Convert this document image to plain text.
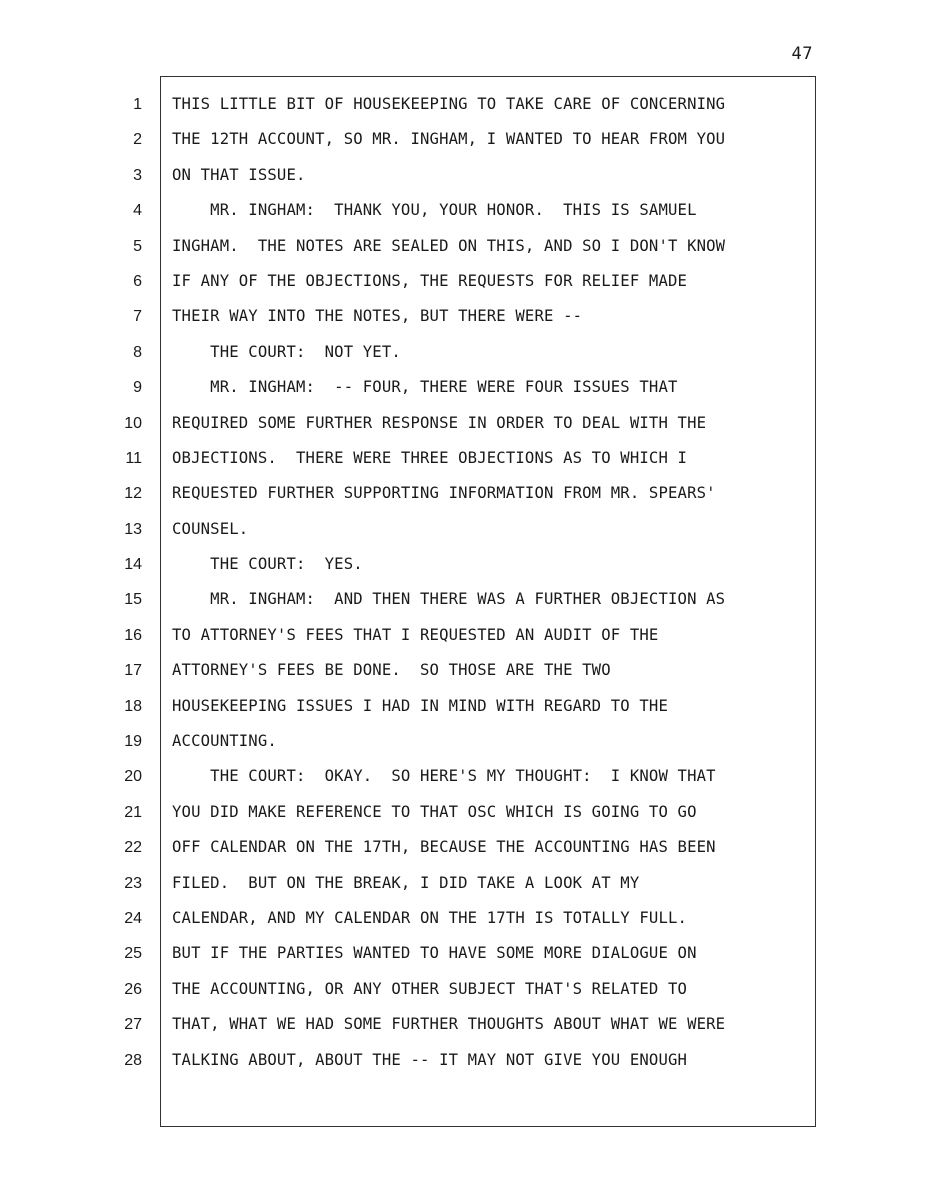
47
1
2
3
4
5
6
7
8
9
10
11
12
13
14
15
16
17
18
19
20
21
22
23
24
25
26
27
28
THIS LITTLE BIT OF HOUSEKEEPING TO TAKE CARE OF CONCERNING
THE 12TH ACCOUNT, SO MR. INGHAM, I WANTED TO HEAR FROM YOU
ON THAT ISSUE.
MR. INGHAM:  THANK YOU, YOUR HONOR.  THIS IS SAMUEL
INGHAM.  THE NOTES ARE SEALED ON THIS, AND SO I DON'T KNOW
IF ANY OF THE OBJECTIONS, THE REQUESTS FOR RELIEF MADE
THEIR WAY INTO THE NOTES, BUT THERE WERE --
THE COURT:  NOT YET.
MR. INGHAM:  -- FOUR, THERE WERE FOUR ISSUES THAT
REQUIRED SOME FURTHER RESPONSE IN ORDER TO DEAL WITH THE
OBJECTIONS.  THERE WERE THREE OBJECTIONS AS TO WHICH I
REQUESTED FURTHER SUPPORTING INFORMATION FROM MR. SPEARS'
COUNSEL.
THE COURT:  YES.
MR. INGHAM:  AND THEN THERE WAS A FURTHER OBJECTION AS
TO ATTORNEY'S FEES THAT I REQUESTED AN AUDIT OF THE
ATTORNEY'S FEES BE DONE.  SO THOSE ARE THE TWO
HOUSEKEEPING ISSUES I HAD IN MIND WITH REGARD TO THE
ACCOUNTING.
THE COURT:  OKAY.  SO HERE'S MY THOUGHT:  I KNOW THAT
YOU DID MAKE REFERENCE TO THAT OSC WHICH IS GOING TO GO
OFF CALENDAR ON THE 17TH, BECAUSE THE ACCOUNTING HAS BEEN
FILED.  BUT ON THE BREAK, I DID TAKE A LOOK AT MY
CALENDAR, AND MY CALENDAR ON THE 17TH IS TOTALLY FULL.
BUT IF THE PARTIES WANTED TO HAVE SOME MORE DIALOGUE ON
THE ACCOUNTING, OR ANY OTHER SUBJECT THAT'S RELATED TO
THAT, WHAT WE HAD SOME FURTHER THOUGHTS ABOUT WHAT WE WERE
TALKING ABOUT, ABOUT THE -- IT MAY NOT GIVE YOU ENOUGH
